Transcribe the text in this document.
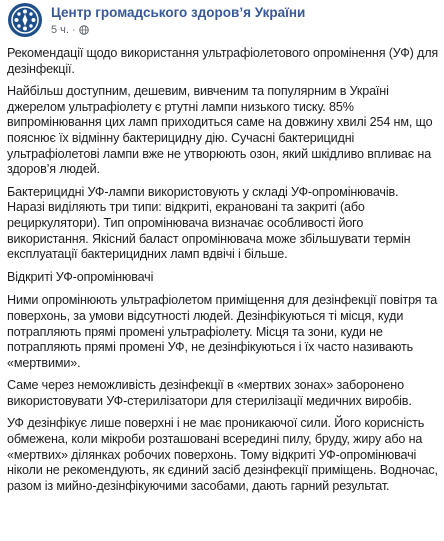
Центр громадського здоров’я України
5 ч. ·

Рекомендації щодо використання ультрафіолетового опромінення (УФ) для дезінфекції.

Найбільш доступним, дешевим, вивченим та популярним в Україні джерелом ультрафіолету є ртутні лампи низького тиску. 85% випромінювання цих ламп приходиться саме на довжину хвилі 254 нм, що пояснює їх відмінну бактерицидну дію. Сучасні бактерицидні ультрафіолетові лампи вже не утворюють озон, який шкідливо впливає на здоров’я людей.

Бактерицидні УФ-лампи використовують у складі УФ-опромінювачів. Наразі виділяють три типи: відкриті, екрановані та закриті (або рециркулятори). Тип опромінювача визначає особливості його використання. Якісний баласт опромінювача може збільшувати термін експлуатації бактерицидних ламп вдвічі і більше.

Відкриті УФ-опромінювачі

Ними опромінюють ультрафіолетом приміщення для дезінфекції повітря та поверхонь, за умови відсутності людей. Дезінфікуються ті місця, куди потрапляють прямі промені ультрафіолету. Місця та зони, куди не потрапляють прямі промені УФ, не дезінфікуються і їх часто називають «мертвими».

Саме через неможливість дезінфекції в «мертвих зонах» заборонено використовувати УФ-стерилізатори для стерилізації медичних виробів.

УФ дезінфікує лише поверхні і не має проникаючої сили. Його корисність обмежена, коли мікроби розташовані всередині пилу, бруду, жиру або на «мертвих» ділянках робочих поверхонь. Тому відкриті УФ-опромінювачі ніколи не рекомендують, як єдиний засіб дезінфекції приміщень. Водночас, разом із мийно-дезінфікуючими засобами, дають гарний результат.
